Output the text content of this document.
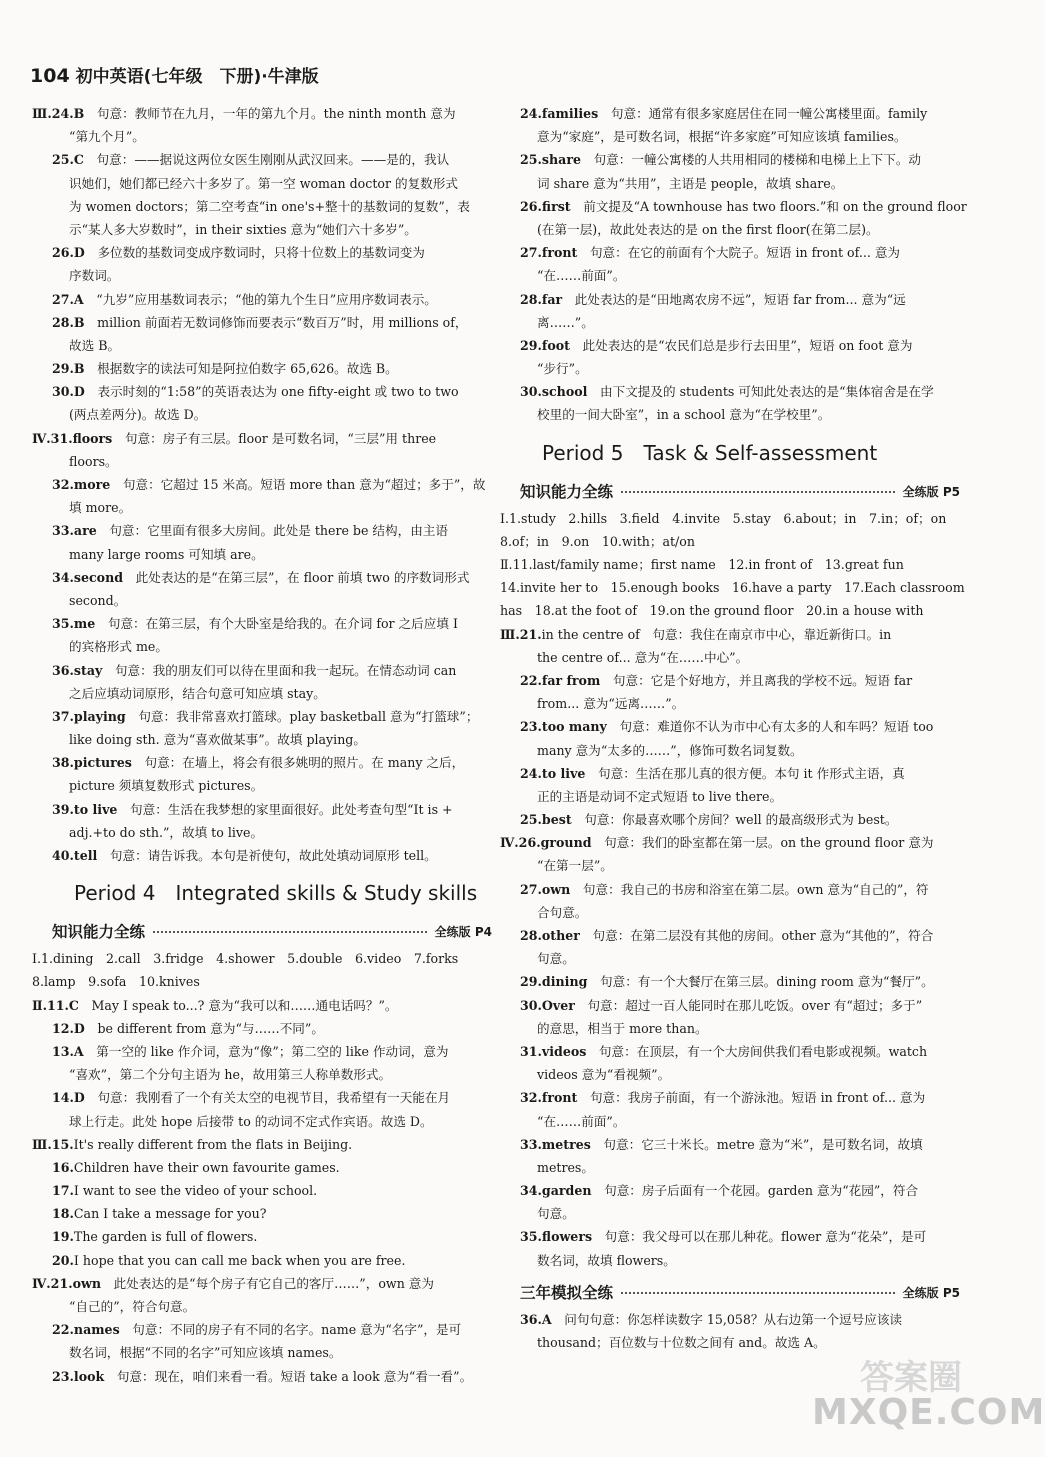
104 初中英语(七年级　下册)·牛津版
Ⅲ.24.B　句意：教师节在九月，一年的第九个月。the ninth month 意为
“第九个月”。
25.C　句意：——据说这两位女医生刚刚从武汉回来。——是的，我认
识她们，她们都已经六十多岁了。第一空 woman doctor 的复数形式
为 women doctors；第二空考查“in one's+整十的基数词的复数”，表
示“某人多大岁数时”，in their sixties 意为“她们六十多岁”。
26.D　多位数的基数词变成序数词时，只将十位数上的基数词变为
序数词。
27.A　“九岁”应用基数词表示；“他的第九个生日”应用序数词表示。
28.B　million 前面若无数词修饰而要表示“数百万”时，用 millions of，
故选 B。
29.B　根据数字的读法可知是阿拉伯数字 65,626。故选 B。
30.D　表示时刻的“1:58”的英语表达为 one fifty-eight 或 two to two
(两点差两分)。故选 D。
Ⅳ.31.floors　句意：房子有三层。floor 是可数名词，“三层”用 three
floors。
32.more　句意：它超过 15 米高。短语 more than 意为“超过；多于”，故
填 more。
33.are　句意：它里面有很多大房间。此处是 there be 结构，由主语
many large rooms 可知填 are。
34.second　此处表达的是“在第三层”，在 floor 前填 two 的序数词形式
second。
35.me　句意：在第三层，有个大卧室是给我的。在介词 for 之后应填 I
的宾格形式 me。
36.stay　句意：我的朋友们可以待在里面和我一起玩。在情态动词 can
之后应填动词原形，结合句意可知应填 stay。
37.playing　句意：我非常喜欢打篮球。play basketball 意为“打篮球”；
like doing sth. 意为“喜欢做某事”。故填 playing。
38.pictures　句意：在墙上，将会有很多姚明的照片。在 many 之后，
picture 须填复数形式 pictures。
39.to live　句意：生活在我梦想的家里面很好。此处考查句型“It is +
adj.+to do sth.”，故填 to live。
40.tell　句意：请告诉我。本句是祈使句，故此处填动词原形 tell。
Period 4　Integrated skills & Study skills
知识能力全练	全练版 P4
Ⅰ.1.dining　2.call　3.fridge　4.shower　5.double　6.video　7.forks
8.lamp　9.sofa　10.knives
Ⅱ.11.C　May I speak to...? 意为“我可以和……通电话吗？”。
12.D　be different from 意为“与……不同”。
13.A　第一空的 like 作介词，意为“像”；第二空的 like 作动词，意为
“喜欢”，第二个分句主语为 he，故用第三人称单数形式。
14.D　句意：我刚看了一个有关太空的电视节目，我希望有一天能在月
球上行走。此处 hope 后接带 to 的动词不定式作宾语。故选 D。
Ⅲ.15.It's really different from the flats in Beijing.
16.Children have their own favourite games.
17.I want to see the video of your school.
18.Can I take a message for you?
19.The garden is full of flowers.
20.I hope that you can call me back when you are free.
Ⅳ.21.own　此处表达的是“每个房子有它自己的客厅……”，own 意为
“自己的”，符合句意。
22.names　句意：不同的房子有不同的名字。name 意为“名字”，是可
数名词，根据“不同的名字”可知应该填 names。
23.look　句意：现在，咱们来看一看。短语 take a look 意为“看一看”。
24.families　句意：通常有很多家庭居住在同一幢公寓楼里面。family
意为“家庭”，是可数名词，根据“许多家庭”可知应该填 families。
25.share　句意：一幢公寓楼的人共用相同的楼梯和电梯上上下下。动
词 share 意为“共用”，主语是 people，故填 share。
26.first　前文提及“A townhouse has two floors.”和 on the ground floor
(在第一层)，故此处表达的是 on the first floor(在第二层)。
27.front　句意：在它的前面有个大院子。短语 in front of... 意为
“在……前面”。
28.far　此处表达的是“田地离农房不远”，短语 far from... 意为“远
离……”。
29.foot　此处表达的是“农民们总是步行去田里”，短语 on foot 意为
“步行”。
30.school　由下文提及的 students 可知此处表达的是“集体宿舍是在学
校里的一间大卧室”，in a school 意为“在学校里”。
Period 5　Task & Self-assessment
知识能力全练	全练版 P5
Ⅰ.1.study　2.hills　3.field　4.invite　5.stay　6.about；in　7.in；of；on
8.of；in　9.on　10.with；at/on
Ⅱ.11.last/family name；first name　12.in front of　13.great fun
14.invite her to　15.enough books　16.have a party　17.Each classroom
has　18.at the foot of　19.on the ground floor　20.in a house with
Ⅲ.21.in the centre of　句意：我住在南京市中心，靠近新街口。in
the centre of... 意为“在……中心”。
22.far from　句意：它是个好地方，并且离我的学校不远。短语 far
from... 意为“远离……”。
23.too many　句意：难道你不认为市中心有太多的人和车吗？短语 too
many 意为“太多的……”，修饰可数名词复数。
24.to live　句意：生活在那儿真的很方便。本句 it 作形式主语，真
正的主语是动词不定式短语 to live there。
25.best　句意：你最喜欢哪个房间？well 的最高级形式为 best。
Ⅳ.26.ground　句意：我们的卧室都在第一层。on the ground floor 意为
“在第一层”。
27.own　句意：我自己的书房和浴室在第二层。own 意为“自己的”，符
合句意。
28.other　句意：在第二层没有其他的房间。other 意为“其他的”，符合
句意。
29.dining　句意：有一个大餐厅在第三层。dining room 意为“餐厅”。
30.Over　句意：超过一百人能同时在那儿吃饭。over 有“超过；多于”
的意思，相当于 more than。
31.videos　句意：在顶层，有一个大房间供我们看电影或视频。watch
videos 意为“看视频”。
32.front　句意：我房子前面，有一个游泳池。短语 in front of... 意为
“在……前面”。
33.metres　句意：它三十米长。metre 意为“米”，是可数名词，故填
metres。
34.garden　句意：房子后面有一个花园。garden 意为“花园”，符合
句意。
35.flowers　句意：我父母可以在那儿种花。flower 意为“花朵”，是可
数名词，故填 flowers。
三年模拟全练	全练版 P5
36.A　问句句意：你怎样读数字 15,058？从右边第一个逗号应该读
thousand；百位数与十位数之间有 and。故选 A。
答案圈
MXQE.COM
